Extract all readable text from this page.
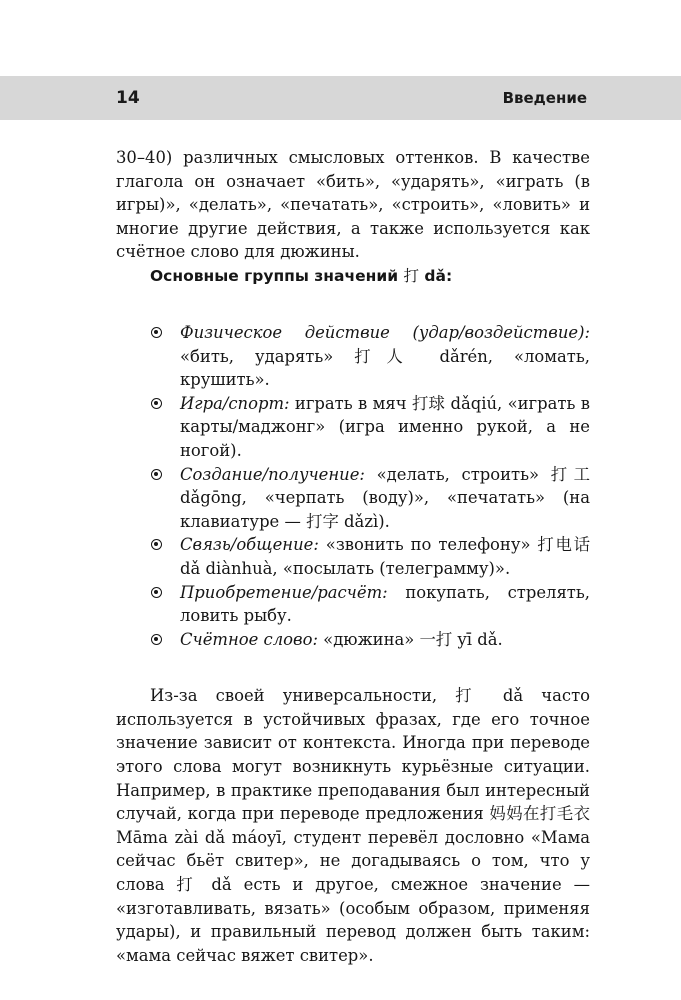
14	Введение

30–40) различных смысловых оттенков. В качестве глагола он означает «бить», «ударять», «играть (в игры)», «делать», «печатать», «строить», «ловить» и многие другие действия, а также используется как счётное слово для дюжины.

Основные группы значений 打 dǎ:

Физическое действие (удар/воздействие): «бить, ударять» 打人 dǎrén, «ломать, крушить».
Игра/спорт: играть в мяч 打球 dǎqiú, «играть в карты/маджонг» (игра именно рукой, а не ногой).
Создание/получение: «делать, строить» 打工 dǎgōng, «черпать (воду)», «печатать» (на клавиатуре — 打字 dǎzì).
Связь/общение: «звонить по телефону» 打电话 dǎ diànhuà, «посылать (телеграмму)».
Приобретение/расчёт: покупать, стрелять, ловить рыбу.
Счётное слово: «дюжина» 一打 yī dǎ.

Из-за своей универсальности, 打 dǎ часто используется в устойчивых фразах, где его точное значение зависит от контекста. Иногда при переводе этого слова могут возникнуть курьёзные ситуации. Например, в практике преподавания был интересный случай, когда при переводе предложения 妈妈在打毛衣 Māma zài dǎ máoyī, студент перевёл дословно «Мама сейчас бьёт свитер», не догадываясь о том, что у слова 打 dǎ есть и другое, смежное значение — «изготавливать, вязать» (особым образом, применяя удары), и правильный перевод должен быть таким: «мама сейчас вяжет свитер».
